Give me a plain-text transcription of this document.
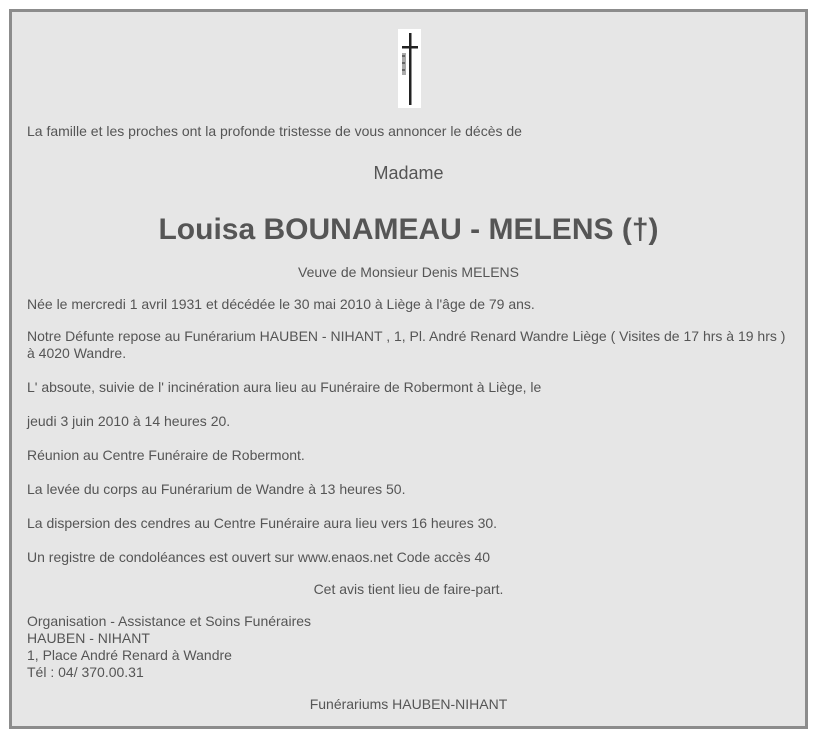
La famille et les proches ont la profonde tristesse de vous annoncer le décès de

Madame

Louisa BOUNAMEAU - MELENS (†)

Veuve de Monsieur Denis MELENS

Née le mercredi 1 avril 1931 et décédée le 30 mai 2010 à Liège à l'âge de 79 ans.

Notre Défunte repose au Funérarium HAUBEN - NIHANT , 1, Pl. André Renard Wandre Liège ( Visites de 17 hrs à 19 hrs ) à 4020 Wandre.

L' absoute, suivie de l' incinération aura lieu au Funéraire de Robermont à Liège, le

jeudi 3 juin 2010 à 14 heures 20.

Réunion au Centre Funéraire de Robermont.

La levée du corps au Funérarium de Wandre à 13 heures 50.

La dispersion des cendres au Centre Funéraire aura lieu vers 16 heures 30.

Un registre de condoléances est ouvert sur www.enaos.net Code accès 40

Cet avis tient lieu de faire-part.

Organisation - Assistance et Soins Funéraires
HAUBEN - NIHANT
1, Place André Renard à Wandre
Tél : 04/ 370.00.31

Funérariums HAUBEN-NIHANT
